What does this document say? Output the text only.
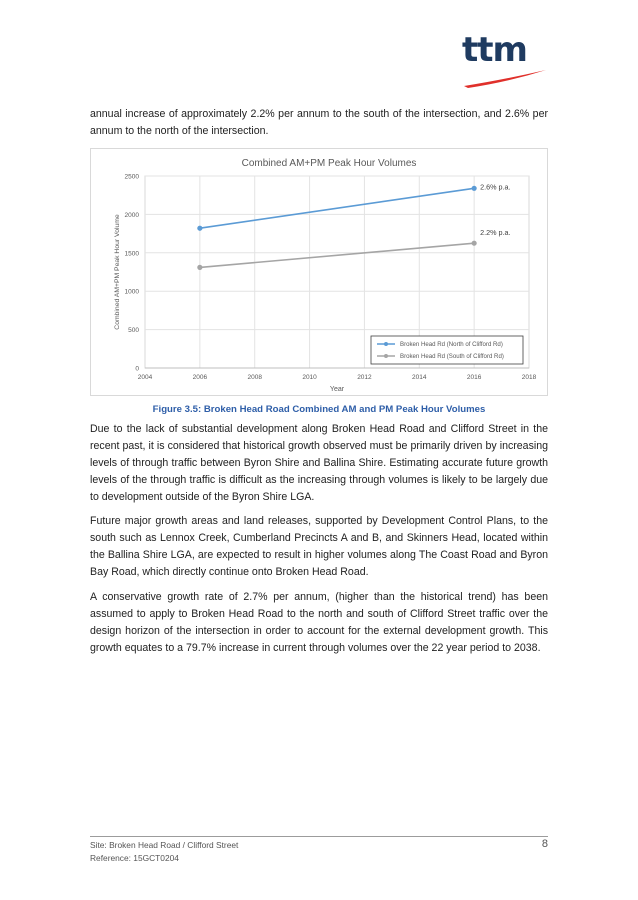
ttm

annual increase of approximately 2.2% per annum to the south of the intersection, and 2.6% per annum to the north of the intersection.

0
500
1000
1500
2000
2500
2004	2006	2008	2010	2012	2014	2016	2018
Combined AM+PM Peak Hour Volumes
Year
Combined AM+PM Peak Hour Volume
2.6% p.a.
2.2% p.a.
Broken Head Rd (North of Clifford Rd)
Broken Head Rd (South of Clifford Rd)
Figure 3.5: Broken Head Road Combined AM and PM Peak Hour Volumes

Due to the lack of substantial development along Broken Head Road and Clifford Street in the recent past, it is considered that historical growth observed must be primarily driven by increasing levels of through traffic between Byron Shire and Ballina Shire. Estimating accurate future growth levels of the through traffic is difficult as the increasing through volumes is likely to be largely due to development outside of the Byron Shire LGA.

Future major growth areas and land releases, supported by Development Control Plans, to the south such as Lennox Creek, Cumberland Precincts A and B, and Skinners Head, located within the Ballina Shire LGA, are expected to result in higher volumes along The Coast Road and Byron Bay Road, which directly continue onto Broken Head Road.

A conservative growth rate of 2.7% per annum, (higher than the historical trend) has been assumed to apply to Broken Head Road to the north and south of Clifford Street traffic over the design horizon of the intersection in order to account for the external development growth. This growth equates to a 79.7% increase in current through volumes over the 22 year period to 2038.

Site: Broken Head Road / Clifford Street
Reference: 15GCT0204
8
